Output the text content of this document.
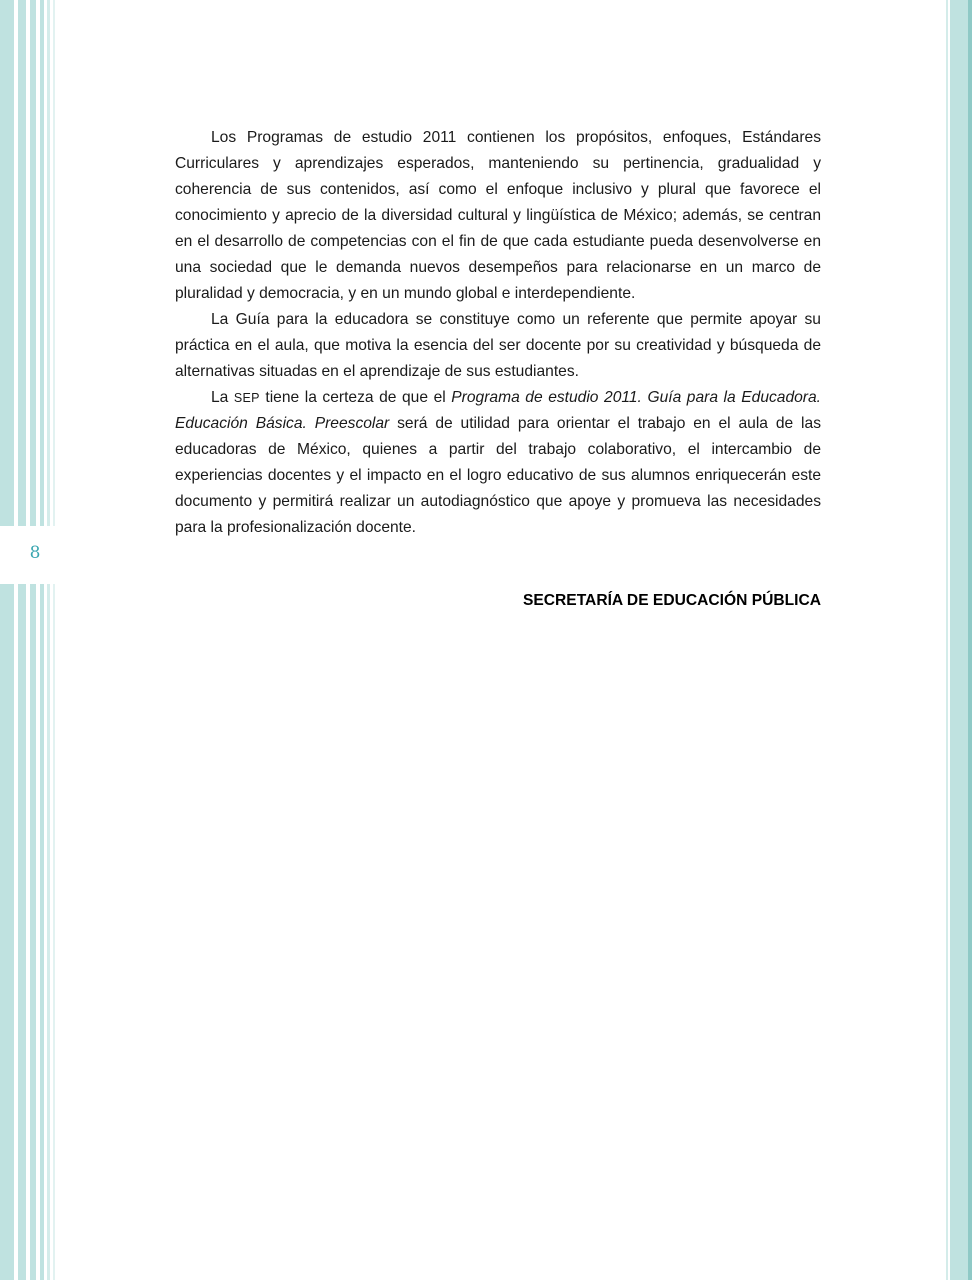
8

Los Programas de estudio 2011 contienen los propósitos, enfoques, Estándares Curriculares y aprendizajes esperados, manteniendo su pertinencia, gradualidad y coherencia de sus contenidos, así como el enfoque inclusivo y plural que favorece el conocimiento y aprecio de la diversidad cultural y lingüística de México; además, se centran en el desarrollo de competencias con el fin de que cada estudiante pueda desenvolverse en una sociedad que le demanda nuevos desempeños para relacionarse en un marco de pluralidad y democracia, y en un mundo global e interdependiente.

La Guía para la educadora se constituye como un referente que permite apoyar su práctica en el aula, que motiva la esencia del ser docente por su creatividad y búsqueda de alternativas situadas en el aprendizaje de sus estudiantes.

La SEP tiene la certeza de que el Programa de estudio 2011. Guía para la Educadora. Educación Básica. Preescolar será de utilidad para orientar el trabajo en el aula de las educadoras de México, quienes a partir del trabajo colaborativo, el intercambio de experiencias docentes y el impacto en el logro educativo de sus alumnos enriquecerán este documento y permitirá realizar un autodiagnóstico que apoye y promueva las necesidades para la profesionalización docente.

SECRETARÍA DE EDUCACIÓN PÚBLICA
